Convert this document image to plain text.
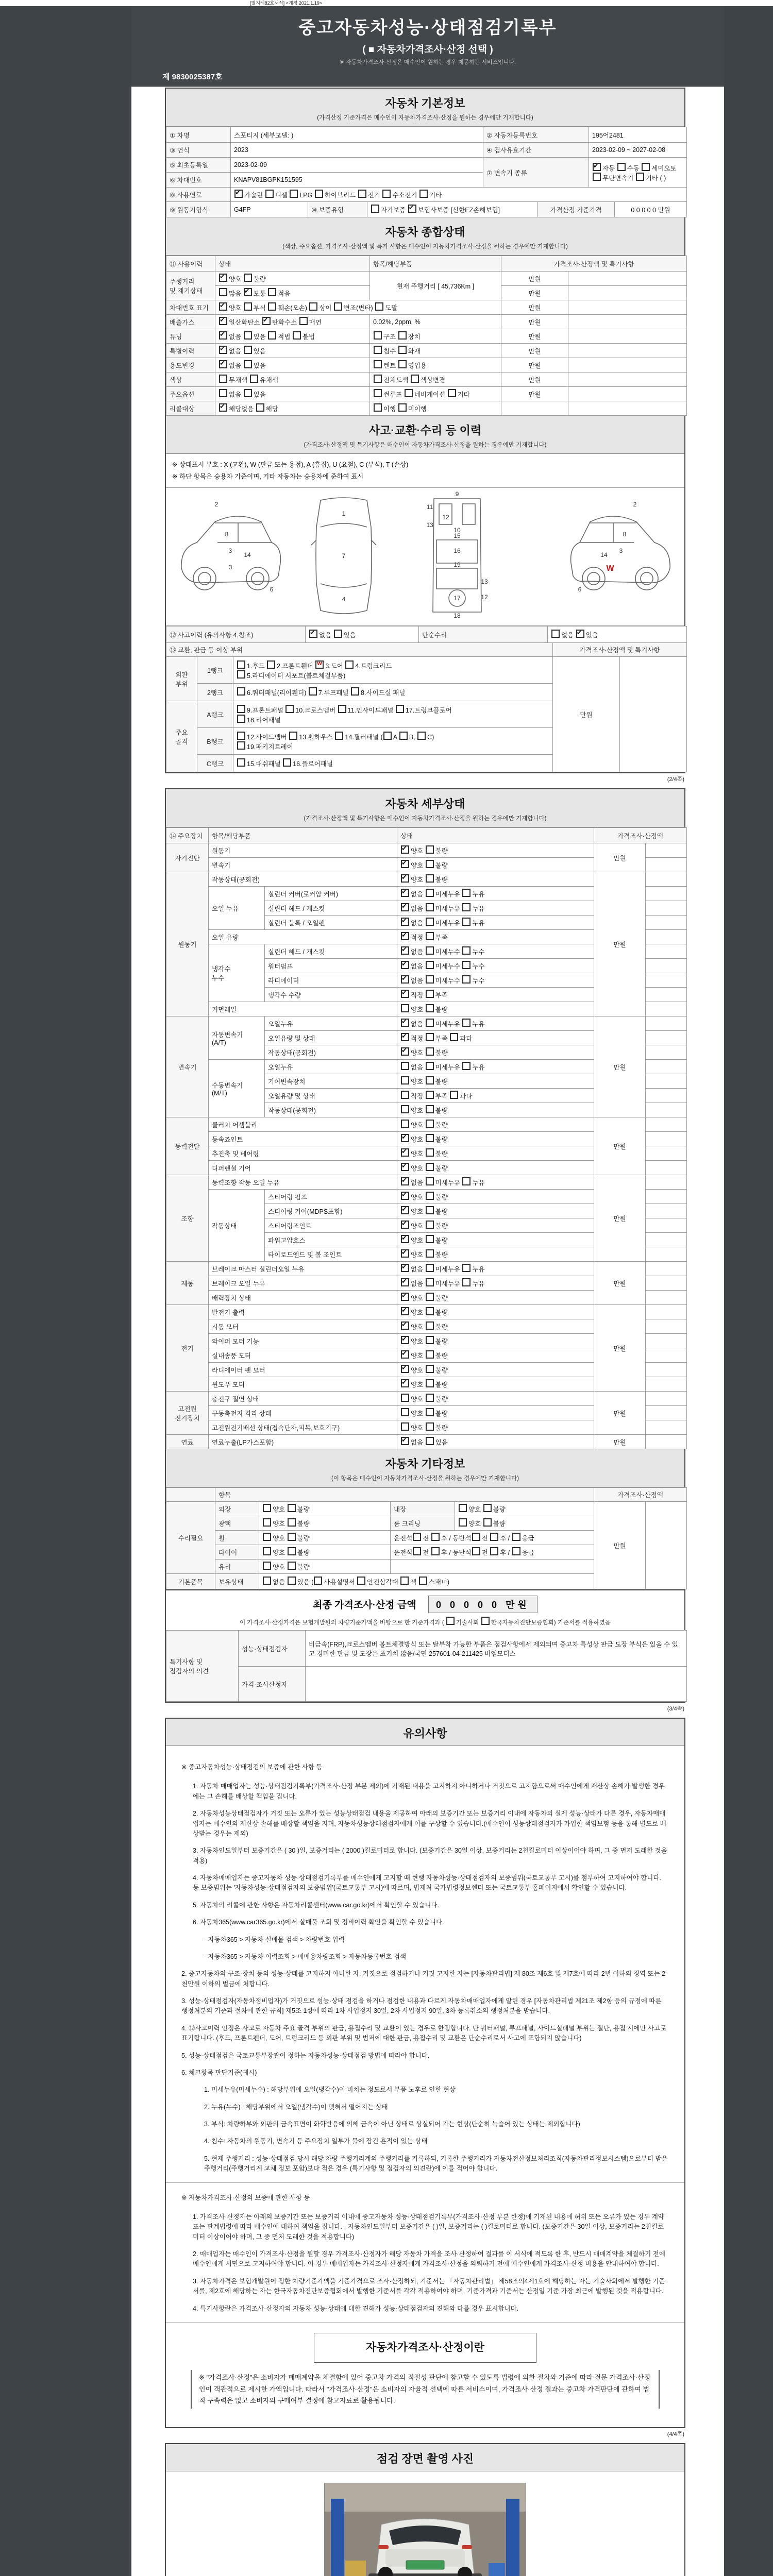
[별지제82호서식] <개정 2021.1.19>
중고자동차성능·상태점검기록부
( ■ 자동차가격조사·산정 선택 )
※ 자동차가격조사·산정은 매수인이 원하는 경우 제공하는 서비스입니다.
제 9830025387호
자동차 기본정보
(가격산정 기준가격은 매수인이 자동차가격조사·산정을 원하는 경우에만 기재합니다)
① 차명	스포티지 (세부모델: )	② 자동차등록번호	195어2481
③ 연식	2023	④ 검사유효기간	2023-02-09 ~ 2027-02-08
⑤ 최초등록일	2023-02-09	⑦ 변속기 종류	✔자동 수동 세미오토
무단변속기 기타 ( )
⑥ 차대번호	KNAPV81BGPK151595		
⑧ 사용연료	✔가솔린 디젤 LPG 하이브리드 전기 수소전기 기타
⑨ 원동기형식	G4FP	⑩ 보증유형	자가보증 ✔보험사보증 [신한EZ손해보험]	가격산정 기준가격	0 0 0 0 0 만원
자동차 종합상태
(색상, 주요옵션, 가격조사·산정액 및 특기 사항은 매수인이 자동차가격조사·산정을 원하는 경우에만 기재합니다)
⑪ 사용이력	상태	항목/해당부품	가격조사·산정액 및 특기사항	
주행거리
및 계기상태	✔양호 불량	현재 주행거리 [ 45,736Km ]	만원	
	많음 ✔보통 적음		만원	
차대번호 표기	✔양호 부식 훼손(오손) 상이 변조(변타) 도말		만원	
배출가스	✔일산화탄소 ✔탄화수소 매연	0.02%, 2ppm, %	만원	
튜닝	✔없음 있음 적법 불법	구조 장치	만원	
특별이력	✔없음 있음	침수 화재	만원	
용도변경	✔없음 있음	렌트 영업용	만원	
색상	무채색 유채색	전체도색 색상변경	만원	
주요옵션	없음 있음	썬루프 네비게이션 기타	만원	
리콜대상	✔해당없음 해당	이행 미이행		
사고·교환·수리 등 이력
(가격조사·산정액 및 특기사항은 매수인이 자동차가격조사·산정을 원하는 경우에만 기재합니다)
※ 상태표시 부호 : X (교환), W (판금 또는 용접), A (흠집), U (요철), C (부식), T (손상)
※ 하단 항목은 승용차 기준이며, 기타 자동차는 승용차에 준하여 표시
2
8
3
3
14
6
1
7
4
9
11
13
12
10
15
16
19
13
12
17
18
2
3
8
14
6
W
⑫ 사고이력 (유의사항 4.참조)	✔없음 있음	단순수리	없음 ✔있음
⑬ 교환, 판금 등 이상 부위			가격조사·산정액 및 특기사항	
외판
부위	1랭크	1.후드 2.프론트휀더 w3.도어 4.트렁크리드
5.라디에이터 서포트(볼트체결부품)	만원	
	2랭크	6.쿼터패널(리어휀더) 7.루프패널 8.사이드실 패널		
주요
골격	A랭크	9.프론트패널 10.크로스멤버 11.인사이드패널 17.트렁크플로어
18.리어패널		
	B랭크	12.사이드멤버 13.휠하우스 14.필러패널 ( A B, C)
19.패키지트레이		
	C랭크	15.대쉬패널 16.플로어패널		
(2/4쪽)
자동차 세부상태
(가격조사·산정액 및 특기사항은 매수인이 자동차가격조사·산정을 원하는 경우에만 기재합니다)
⑭ 주요장치	항목/해당부품		상태	가격조사·산정액	
자기진단	원동기	✔양호 불량	만원	
	변속기	✔양호 불량	
원동기	작동상태(공회전)	✔양호 불량	만원	
	오일 누유	실린더 커버(로커암 커버)	✔없음 미세누유 누유	
		실린더 헤드 / 개스킷	✔없음 미세누유 누유	
		실린더 블록 / 오일팬	✔없음 미세누유 누유	
	오일 유량	✔적정 부족	
	냉각수
누수	실린더 헤드 / 개스킷	✔없음 미세누수 누수	
		워터펌프	✔없음 미세누수 누수	
		라디에이터	✔없음 미세누수 누수	
		냉각수 수량	✔적정 부족	
	커먼레일		양호 불량		
변속기	자동변속기
(A/T)	오일누유	✔없음 미세누유 누유	만원	
		오일유량 및 상태	✔적정 부족 과다	
		작동상태(공회전)	✔양호 불량	
	수동변속기
(M/T)	오일누유	없음 미세누유 누유		
		기어변속장치	양호 불량		
		오일유량 및 상태	적정 부족 과다		
		작동상태(공회전)	양호 불량		
동력전달	클러치 어셈블리		양호 불량	만원	
	등속죠인트	✔양호 불량	
	추진축 및 베어링	✔양호 불량	
	디퍼렌셜 기어	✔양호 불량	
조향	동력조향 작동 오일 누유	✔없음 미세누유 누유	만원	
	작동상태	스티어링 펌프	✔양호 불량	
		스티어링 기어(MDPS포함)	✔양호 불량	
		스티어링조인트	✔양호 불량	
		파워고압호스	✔양호 불량	
		타이로드엔드 및 볼 조인트	✔양호 불량	
제동	브레이크 마스터 실린더오일 누유	✔없음 미세누유 누유	만원	
	브레이크 오일 누유	✔없음 미세누유 누유	
	배력장치 상태	✔양호 불량	
전기	발전기 출력	✔양호 불량	만원	
	시동 모터	✔양호 불량	
	와이퍼 모터 기능	✔양호 불량	
	실내송풍 모터	✔양호 불량	
	라디에이터 팬 모터	✔양호 불량	
	윈도우 모터	✔양호 불량	
고전원
전기장치	충전구 절연 상태		양호 불량	만원	
	구동축전지 격리 상태		양호 불량		
	고전원전기배선 상태(접속단자,피복,보호기구)		양호 불량		
연료	연료누출(LP가스포함)	✔없음 있음	만원	
자동차 기타정보
(이 항목은 매수인이 자동차가격조사·산정을 원하는 경우에만 기재합니다)
	항목				가격조사·산정액	
수리필요	외장	양호 불량	내장	양호 불량	만원	
	광택	양호 불량	룸 크리닝	양호 불량		
	휠	양호 불량	운전석 전 후 / 동반석 전 후 / 응급			
	타이어	양호 불량	운전석 전 후 / 동반석 전 후 / 응급			
	유리	양호 불량				
기본품목	보유상태	없음 있음 ( 사용설명서 안전삼각대 잭 스패너)				
최종 가격조사·산정 금액 0 0 0 0 0 만원
이 가격조사·산정가격은 보험개발원의 차량기준가액을 바탕으로 한 기준가격과 ( 기술사회 한국자동차진단보증협회) 기준서를 적용하였음
특기사항 및
점검자의 의견	성능·상태점검자	비금속(FRP),크로스멤버 볼트체결방식 또는 탈부착 가능한 부품은 점검사항에서 제외되며 중고차 특성상 판금 도장 부식은 있을 수 있고 경미한 판금 및 도장은 표기치 않음/국민 257601-04-211425 비엠모터스
	가격·조사산정자	
(3/4쪽)
유의사항

※ 중고자동차성능·상태점검의 보증에 관한 사항 등

1. 자동차 매매업자는 성능·상태점검기록부(가격조사·산정 부분 제외)에 기재된 내용을 고지하지 아니하거나 거짓으로 고지함으로써 매수인에게 재산상 손해가 발생한 경우에는 그 손해를 배상할 책임을 집니다.

2. 자동차성능상태점검자가 거짓 또는 오류가 있는 성능상태점검 내용을 제공하여 아래의 보증기간 또는 보증거리 이내에 자동차의 실제 성능·상태가 다른 경우, 자동차매매업자는 매수인의 재산상 손해를 배상할 책임을 지며, 자동차성능상태점검자에게 이를 구상할 수 있습니다.(매수인이 성능상태점검자가 가입한 책임보험 등을 통해 별도로 배상받는 경우는 제외)

3. 자동차인도일부터 보증기간은 ( 30 )일, 보증거리는 ( 2000 )킬로미터로 합니다. (보증기간은 30일 이상, 보증거리는 2천킬로미터 이상이어야 하며, 그 중 먼저 도래한 것을 적용)

4. 자동차매매업자는 중고자동차 성능·상태점검기록부를 매수인에게 고지할 때 현행 자동차성능·상태점검자의 보증범위(국토교통부 고시)를 첨부하여 고지하여야 합니다. 동 보증범위는 '자동차성능·상태점검자의 보증범위'(국토교통부 고시)에 따르며, 법제처 국가법령정보센터 또는 국토교통부 홈페이지에서 확인할 수 있습니다.

5. 자동차의 리콜에 관한 사항은 자동차리콜센터(www.car.go.kr)에서 확인할 수 있습니다.

6. 자동차365(www.car365.go.kr)에서 실매물 조회 및 정비이력 확인을 확인할 수 있습니다.

- 자동차365 > 자동차 실매물 검색 > 차량번호 입력

- 자동차365 > 자동차 이력조회 > 매매용차량조회 > 자동차등록번호 검색

2. 중고자동차의 구조·장치 등의 성능·상태를 고지하지 아니한 자, 거짓으로 점검하거나 거짓 고지한 자는 [자동차관리법] 제 80조 제6호 및 제7호에 따라 2년 이하의 징역 또는 2천만원 이하의 벌금에 처합니다.

3. 성능·상태점검자(자동차정비업자)가 거짓으로 성능·상태 점검을 하거나 점검한 내용과 다르게 자동차매매업자에게 알린 경우 [자동차관리법 제21조 제2항 등의 규정에 따른 행정처분의 기준과 절차에 관한 규칙] 제5조 1항에 따라 1차 사업정지 30일, 2차 사업정지 90일, 3차 등록취소의 행정처분을 받습니다.

4. ⑫사고이력 인정은 사고로 자동차 주요 골격 부위의 판금, 용접수리 및 교환이 있는 경우로 한정합니다. 단 쿼터패널, 루프패널, 사이드실패널 부위는 절단, 용접 시에만 사고로 표기합니다. (후드, 프론트펜더, 도어, 트렁크리드 등 외판 부위 및 범퍼에 대한 판금, 용접수리 및 교환은 단순수리로서 사고에 포함되지 않습니다)

5. 성능·상태점검은 국토교통부장관이 정하는 자동차성능·상태점검 방법에 따라야 합니다.

6. 체크항목 판단기준(예시)

1. 미세누유(미세누수) : 해당부위에 오일(냉각수)이 비치는 정도로서 부품 노후로 인한 현상

2. 누유(누수) : 해당부위에서 오일(냉각수)이 맺혀서 떨어지는 상태

3. 부식: 차량하부와 외판의 금속표면이 화학반응에 의해 금속이 아닌 상태로 상실되어 가는 현상(단순히 녹슬어 있는 상태는 제외합니다)

4. 침수: 자동차의 원동기, 변속기 등 주요장치 일부가 물에 잠긴 흔적이 있는 상태

5. 현재 주행거리 : 성능·상태점검 당시 해당 차량 주행거리계의 주행거리를 기록하되, 기록한 주행거리가 자동차전산정보처리조직(자동차관리정보시스템)으로부터 받은 주행거리(주행거리계 교체 정보 포함)보다 적은 경우 (특기사항 및 점검자의 의견란)에 이를 적어야 합니다.

※ 자동차가격조사·산정의 보증에 관한 사항 등

1. 가격조사·산정자는 아래의 보증기간 또는 보증거리 이내에 중고자동차 성능·상태점검기록부(가격조사·산정 부분 한정)에 기재된 내용에 허위 또는 오류가 있는 경우 계약 또는 관계법령에 따라 매수인에 대하여 책임을 집니다. · 자동차인도일부터 보증기간은 ( )일, 보증거리는 ( )킬로미터로 합니다. (보증기간은 30일 이상, 보증거리는 2천킬로미터 이상이어야 하며, 그 중 먼저 도래한 것을 적용합니다)

2. 매매업자는 매수인이 가격조사·산정을 원할 경우 가격조사·산정자가 해당 자동차 가격을 조사·산정하여 결과를 이 서식에 적도록 한 후, 반드시 매매계약을 체결하기 전에 매수인에게 서면으로 고지하여야 합니다. 이 경우 매매업자는 가격조사·산정자에게 가격조사·산정을 의뢰하기 전에 매수인에게 가격조사·산정 비용을 안내하여야 합니다.

3. 자동차가격은 보험개발원이 정한 차량기준가액을 기준가격으로 조사·산정하되, 기준서는 「자동차관리법」 제58조의4제1호에 해당하는 자는 기술사회에서 발행한 기준서를, 제2호에 해당하는 자는 한국자동차진단보증협회에서 발행한 기준서를 각각 적용하여야 하며, 기준가격과 기준서는 산정일 기준 가장 최근에 발행된 것을 적용합니다.

4. 특기사항란은 가격조사·산정자의 자동차 성능·상태에 대한 견해가 성능·상태점검자의 견해와 다를 경우 표시합니다.

자동차가격조사·산정이란
※ "가격조사·산정"은 소비자가 매매계약을 체결함에 있어 중고차 가격의 적절성 판단에 참고할 수 있도록 법령에 의한 절차와 기준에 따라 전문 가격조사·산정인이 객관적으로 제시한 가액입니다. 따라서 "가격조사·산정"은 소비자의 자율적 선택에 따른 서비스이며, 가격조사·산정 결과는 중고차 가격판단에 관하여 법적 구속력은 없고 소비자의 구매여부 결정에 참고자료로 활용됩니다.
(4/4쪽)
점검 장면 촬영 사진
